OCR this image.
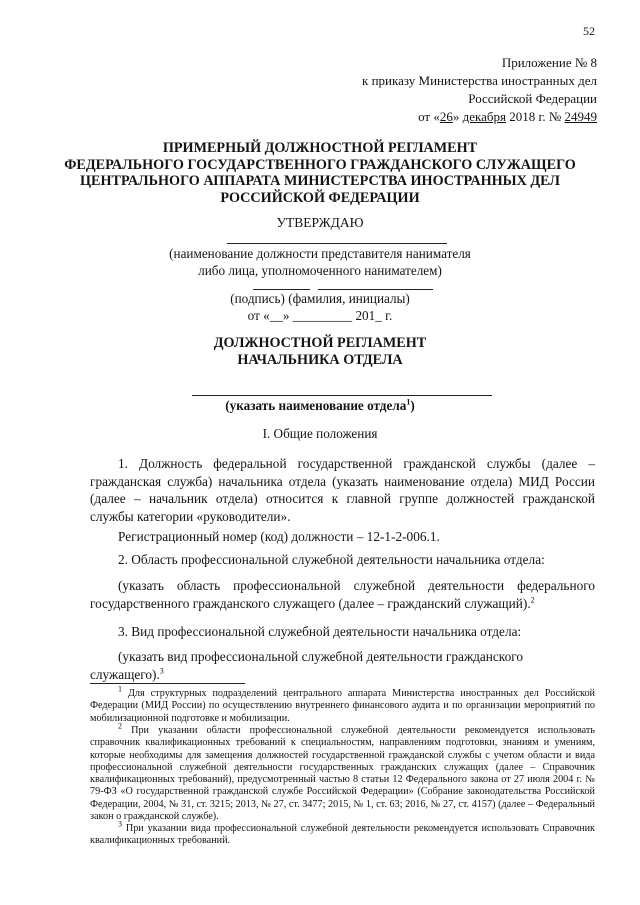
52
Приложение № 8
к приказу Министерства иностранных дел
Российской Федерации
от «26» декабря 2018 г. № 24949
ПРИМЕРНЫЙ ДОЛЖНОСТНОЙ РЕГЛАМЕНТ
ФЕДЕРАЛЬНОГО ГОСУДАРСТВЕННОГО ГРАЖДАНСКОГО СЛУЖАЩЕГО
ЦЕНТРАЛЬНОГО АППАРАТА МИНИСТЕРСТВА ИНОСТРАННЫХ ДЕЛ
РОССИЙСКОЙ ФЕДЕРАЦИИ
УТВЕРЖДАЮ
(наименование должности представителя нанимателя
либо лица, уполномоченного нанимателем)
(подпись) (фамилия, инициалы)
от «__» _________ 201_ г.
ДОЛЖНОСТНОЙ РЕГЛАМЕНТ
НАЧАЛЬНИКА ОТДЕЛА
(указать наименование отдела$^1$)
I. Общие положения
1. Должность федеральной государственной гражданской службы (далее – гражданская служба) начальника отдела (указать наименование отдела) МИД России (далее – начальник отдела) относится к главной группе должностей гражданской службы категории «руководители».
Регистрационный номер (код) должности – 12-1-2-006.1.
2. Область профессиональной служебной деятельности начальника отдела:
(указать область профессиональной служебной деятельности федерального государственного гражданского служащего (далее – гражданский служащий).$^2$
3. Вид профессиональной служебной деятельности начальника отдела:
(указать вид профессиональной служебной деятельности гражданского служащего).$^3$
$^1$ Для структурных подразделений центрального аппарата Министерства иностранных дел Российской Федерации (МИД России) по осуществлению внутреннего финансового аудита и по организации мероприятий по мобилизационной подготовке и мобилизации.
$^2$ При указании области профессиональной служебной деятельности рекомендуется использовать справочник квалификационных требований к специальностям, направлениям подготовки, знаниям и умениям, которые необходимы для замещения должностей государственной гражданской службы с учетом области и вида профессиональной служебной деятельности государственных гражданских служащих (далее – Справочник квалификационных требований), предусмотренный частью 8 статьи 12 Федерального закона от 27 июля 2004 г. № 79-ФЗ «О государственной гражданской службе Российской Федерации» (Собрание законодательства Российской Федерации, 2004, № 31, ст. 3215; 2013, № 27, ст. 3477; 2015, № 1, ст. 63; 2016, № 27, ст. 4157) (далее – Федеральный закон о гражданской службе).
$^3$ При указании вида профессиональной служебной деятельности рекомендуется использовать Справочник квалификационных требований.
